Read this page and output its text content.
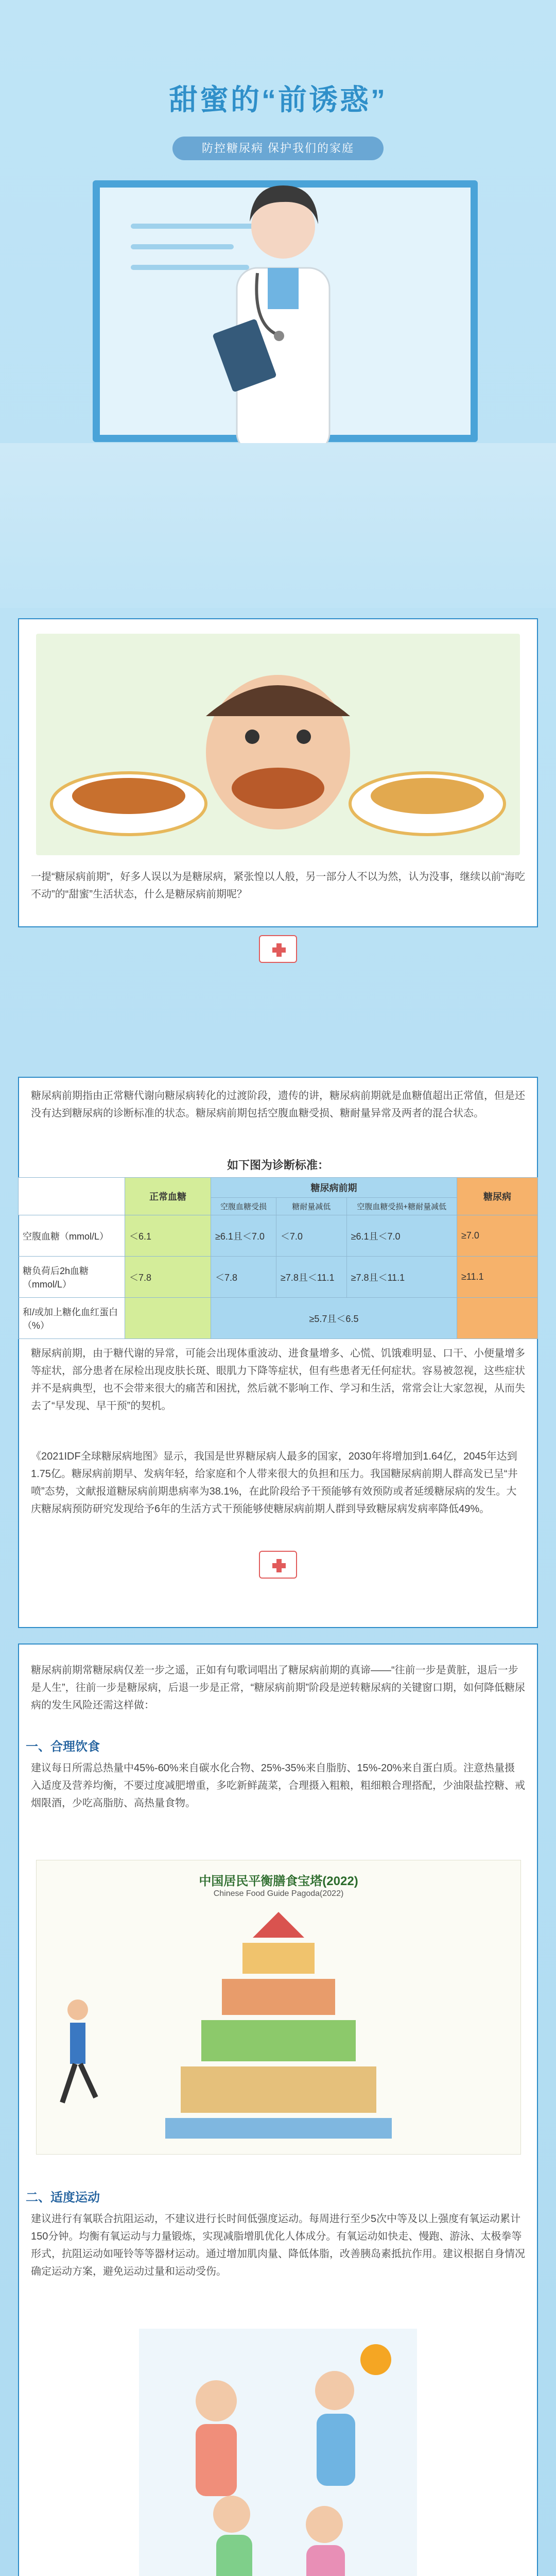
甜蜜的“前诱惑”
防控糖尿病 保护我们的家庭
一提“糖尿病前期”，好多人误以为是糖尿病，紧张惶以人般，另一部分人不以为然，认为没事，继续以前“海吃不动”的“甜蜜”生活状态，什么是糖尿病前期呢？
糖尿病前期指由正常糖代谢向糖尿病转化的过渡阶段，遗传的讲，糖尿病前期就是血糖值超出正常值，但是还没有达到糖尿病的诊断标准的状态。糖尿病前期包括空腹血糖受损、糖耐量异常及两者的混合状态。
如下图为诊断标准：
	正常血糖	糖尿病前期			糖尿病
		空腹血糖受损	糖耐量减低	空腹血糖受损+糖耐量减低	
空腹血糖（mmol/L）	＜6.1	≥6.1且＜7.0	＜7.0	≥6.1且＜7.0	≥7.0
糖负荷后2h血糖（mmol/L）	＜7.8	＜7.8	≥7.8且＜11.1	≥7.8且＜11.1	≥11.1
和/或加上糖化血红蛋白（%）		≥5.7且＜6.5			
糖尿病前期，由于糖代谢的异常，可能会出现体重波动、进食量增多、心慌、饥饿难明显、口干、小便量增多等症状，部分患者在尿检出现皮肤长斑、眼肌力下降等症状，但有些患者无任何症状。容易被忽视，这些症状并不是病典型，也不会带来很大的痛苦和困扰，然后就不影响工作、学习和生活，常常会让大家忽视，从而失去了“早发现、早干预”的契机。
《2021IDF全球糖尿病地图》显示，我国是世界糖尿病人最多的国家，2030年将增加到1.64亿，2045年达到1.75亿。糖尿病前期早、发病年轻，给家庭和个人带来很大的负担和压力。我国糖尿病前期人群高发已呈“井喷”态势，文献报道糖尿病前期患病率为38.1%，在此阶段给予干预能够有效预防或者延缓糖尿病的发生。大庆糖尿病预防研究发现给予6年的生活方式干预能够使糖尿病前期人群到导致糖尿病发病率降低49%。
糖尿病前期常糖尿病仅差一步之遥，正如有句歌词唱出了糖尿病前期的真谛——“往前一步是黄脏，退后一步是人生”，往前一步是糖尿病，后退一步是正常，“糖尿病前期”阶段是逆转糖尿病的关键窗口期，如何降低糖尿病的发生风险还需这样做：
一、合理饮食
建议每日所需总热量中45%-60%来自碳水化合物、25%-35%来自脂肪、15%-20%来自蛋白质。注意热量摄入适度及营养均衡，不要过度减肥增重，多吃新鲜蔬菜，合理摄入粗粮，粗细粮合理搭配，少油限盐控糖、戒烟限酒，少吃高脂肪、高热量食物。
中国居民平衡膳食宝塔(2022)
Chinese Food Guide Pagoda(2022)
二、适度运动
建议进行有氧联合抗阻运动，不建议进行长时间低强度运动。每周进行至少5次中等及以上强度有氧运动累计150分钟。均衡有氧运动与力量锻炼，实现减脂增肌优化人体成分。有氧运动如快走、慢跑、游泳、太极拳等形式，抗阻运动如哑铃等等器材运动。通过增加肌肉量、降低体脂，改善胰岛素抵抗作用。建议根据自身情况确定运动方案，避免运动过量和运动受伤。
